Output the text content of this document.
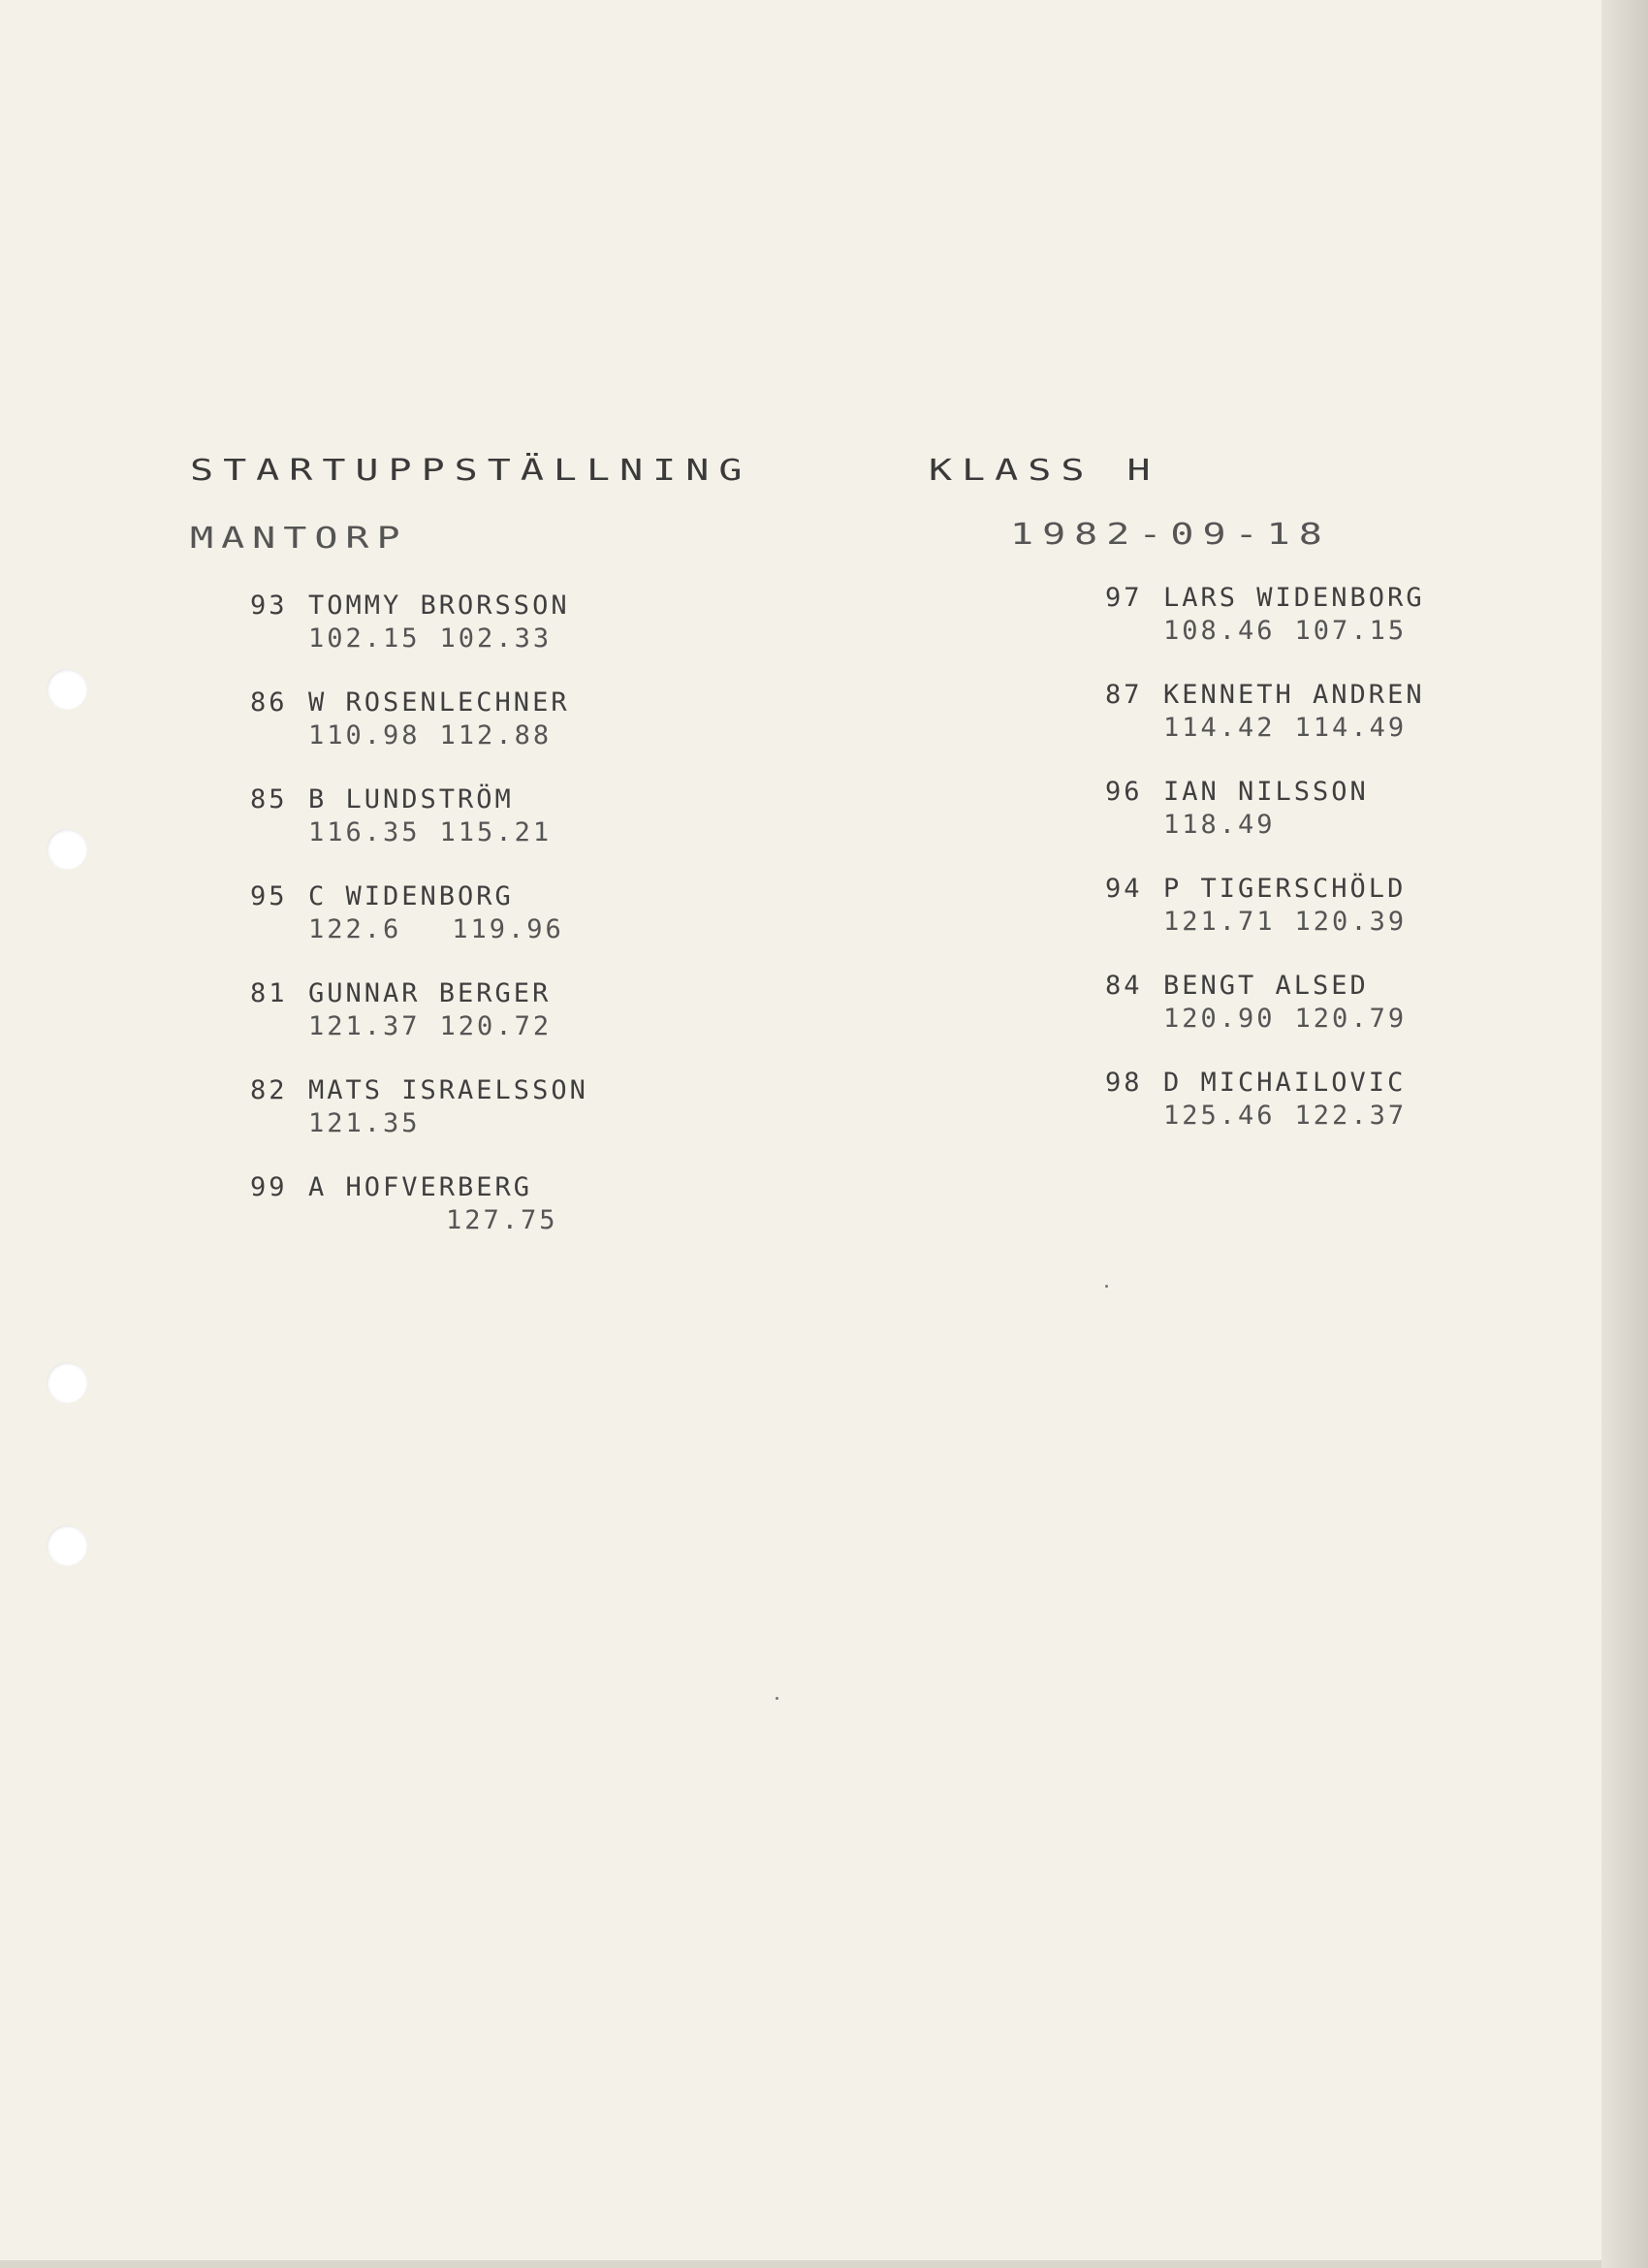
STARTUPPSTÄLLNING	KLASS H
MANTORP	1982-09-18
93 TOMMY BRORSSON
102.15 102.33
86 W ROSENLECHNER
110.98 112.88
85 B LUNDSTRÖM
116.35 115.21
95 C WIDENBORG
122.6 119.96
81 GUNNAR BERGER
121.37 120.72
82 MATS ISRAELSSON
121.35
99 A HOFVERBERG
127.75
97 LARS WIDENBORG
108.46 107.15
87 KENNETH ANDREN
114.42 114.49
96 IAN NILSSON
118.49
94 P TIGERSCHÖLD
121.71 120.39
84 BENGT ALSED
120.90 120.79
98 D MICHAILOVIC
125.46 122.37
